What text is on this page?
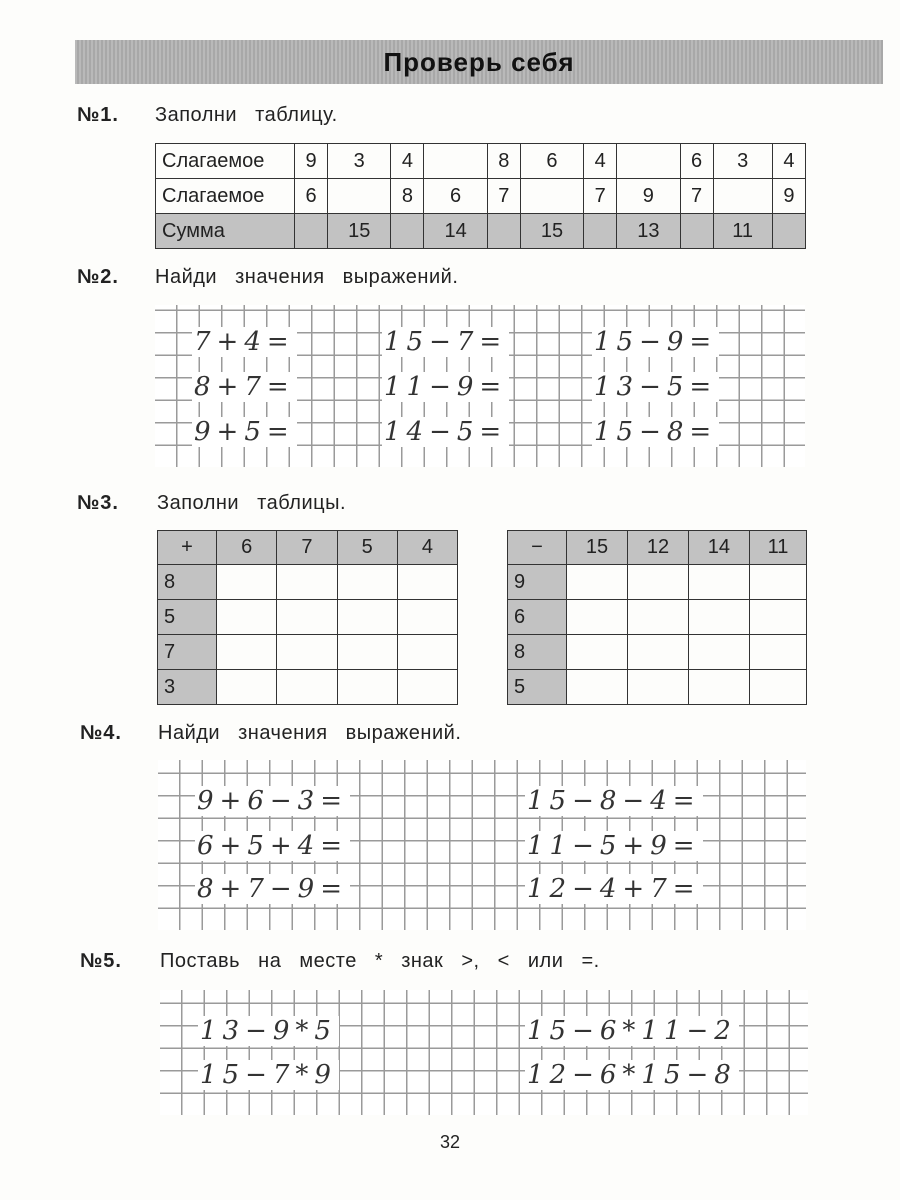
Проверь себя
№1. Заполни таблицу.
Слагаемое	9	3	4		8	6	4		6	3	4
Слагаемое	6		8	6	7		7	9	7		9
Сумма		15		14		15		13		11	
№2. Найди значения выражений.
7+4=	15−7=	15−9=
8+7=	11−9=	13−5=
9+5=	14−5=	15−8=
№3. Заполни таблицы.
+	6	7	5	4
8				
5				
7				
3				
−	15	12	14	11
9				
6				
8				
5				
№4. Найди значения выражений.
9+6−3=	15−8−4=
6+5+4=	11−5+9=
8+7−9=	12−4+7=
№5. Поставь на месте * знак >, < или =.
13−9*5	15−6*11−2
15−7*9	12−6*15−8
32
